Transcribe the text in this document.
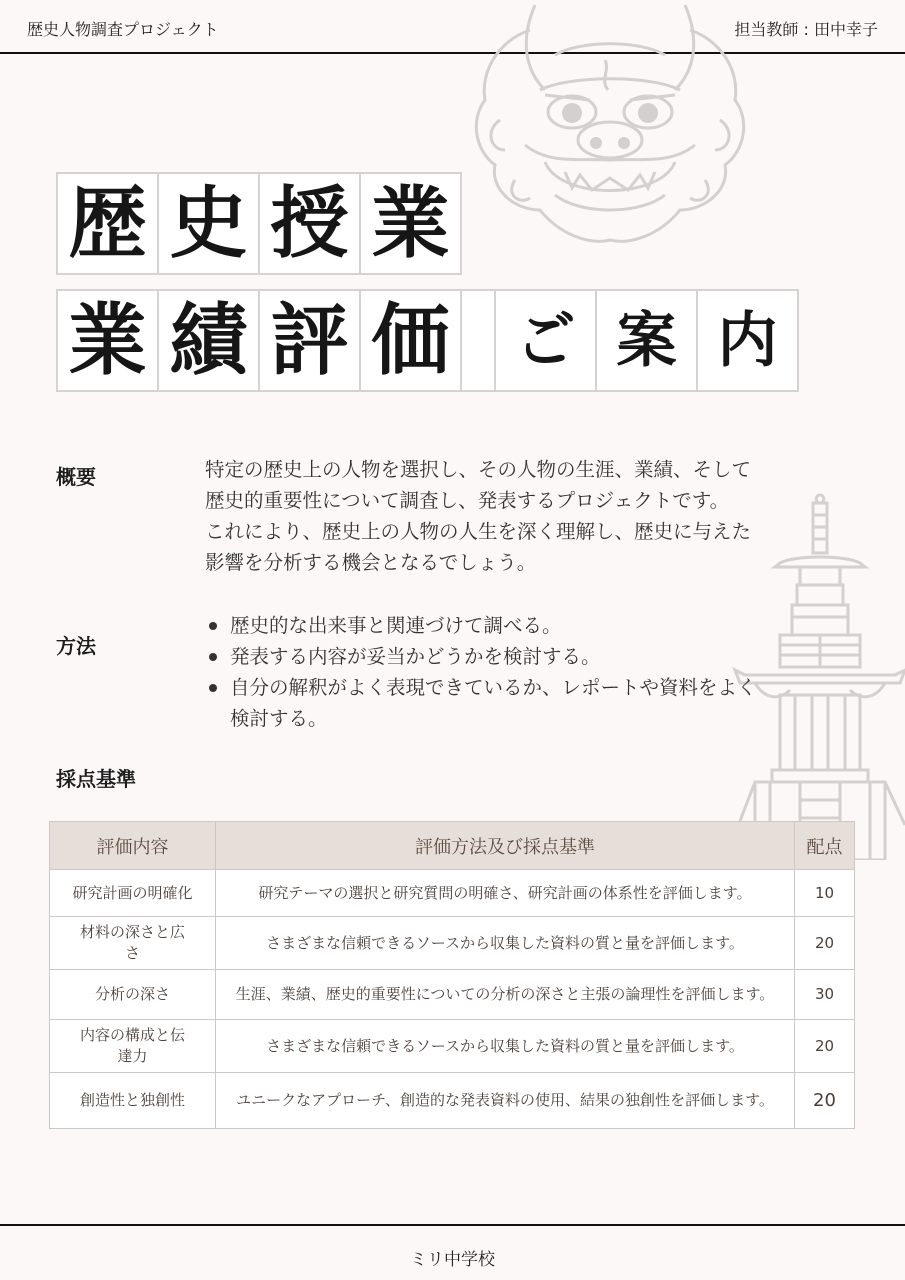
歴史人物調査プロジェクト	担当教師 : 田中幸子
歴 史 授 業
業 績 評 価	ご 案 内
概要	特定の歴史上の人物を選択し、その人物の生涯、業績、そして
歴史的重要性について調査し、発表するプロジェクトです。
これにより、歴史上の人物の人生を深く理解し、歴史に与えた
影響を分析する機会となるでしょう。
方法
歴史的な出来事と関連づけて調べる。
発表する内容が妥当かどうかを検討する。
自分の解釈がよく表現できているか、レポートや資料をよく検討する。
採点基準
評価内容	評価方法及び採点基準	配点
研究計画の明確化	研究テーマの選択と研究質問の明確さ、研究計画の体系性を評価します。	10
材料の深さと広さ	さまざまな信頼できるソースから収集した資料の質と量を評価します。	20
分析の深さ	生涯、業績、歴史的重要性についての分析の深さと主張の論理性を評価します。	30
内容の構成と伝達力	さまざまな信頼できるソースから収集した資料の質と量を評価します。	20
創造性と独創性	ユニークなアプローチ、創造的な発表資料の使用、結果の独創性を評価します。	20
ミリ中学校
